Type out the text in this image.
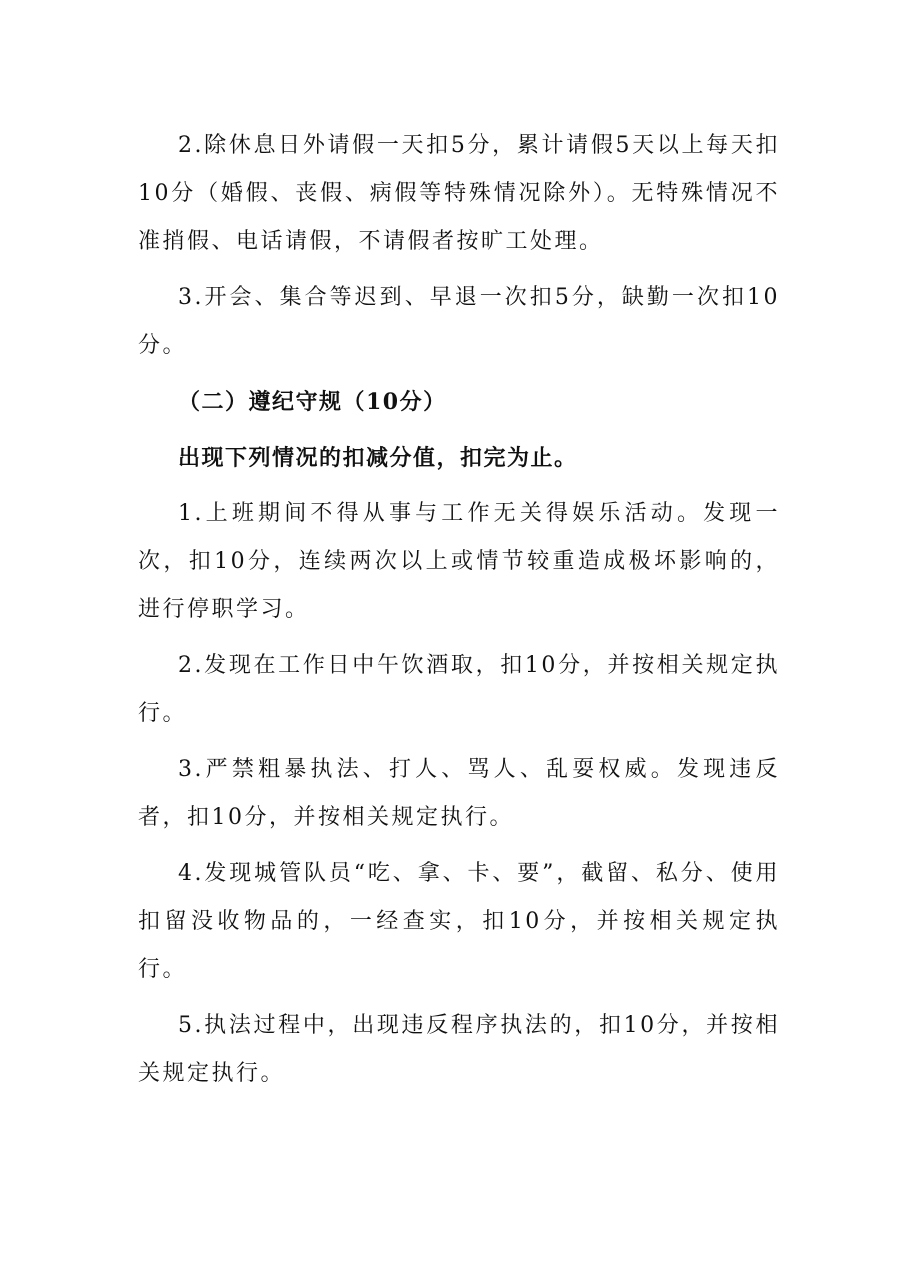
2.除休息日外请假一天扣5分，累计请假5天以上每天扣10分（婚假、丧假、病假等特殊情况除外）。无特殊情况不准捎假、电话请假，不请假者按旷工处理。

3.开会、集合等迟到、早退一次扣5分，缺勤一次扣10分。

（二）遵纪守规（10分）

出现下列情况的扣减分值，扣完为止。

1.上班期间不得从事与工作无关得娱乐活动。发现一次，扣10分，连续两次以上或情节较重造成极坏影响的，进行停职学习。

2.发现在工作日中午饮酒取，扣10分，并按相关规定执行。

3.严禁粗暴执法、打人、骂人、乱耍权威。发现违反者，扣10分，并按相关规定执行。

4.发现城管队员“吃、拿、卡、要”，截留、私分、使用扣留没收物品的，一经查实，扣10分，并按相关规定执行。

5.执法过程中，出现违反程序执法的，扣10分，并按相关规定执行。
